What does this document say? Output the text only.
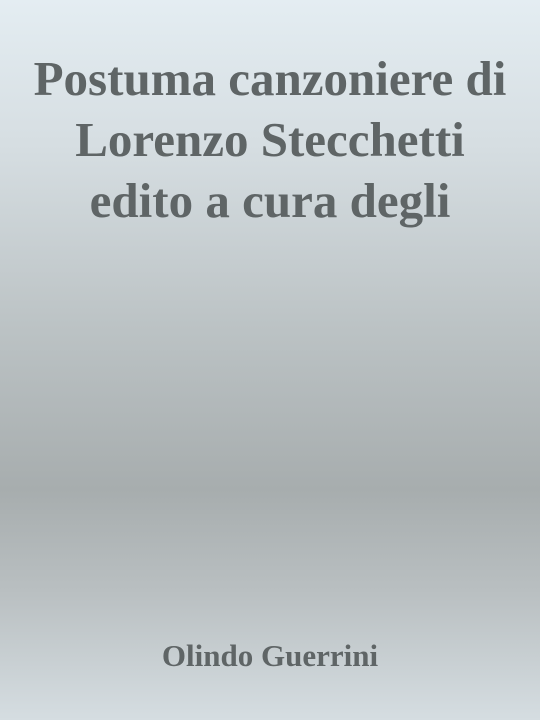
Postuma canzoniere di Lorenzo Stecchetti edito a cura degli

Olindo Guerrini
